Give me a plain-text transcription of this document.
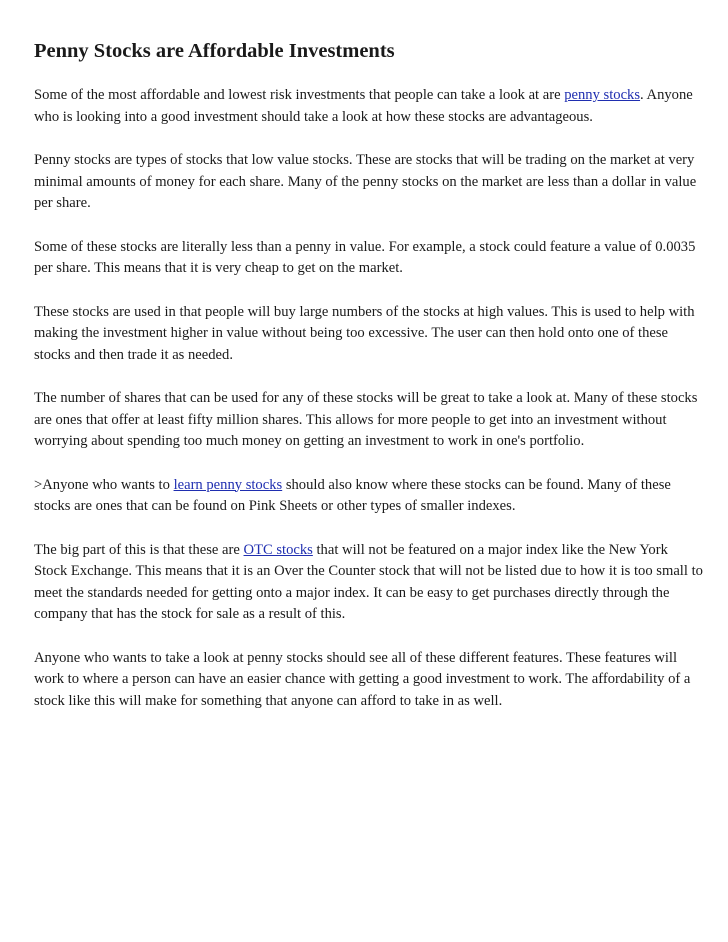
Penny Stocks are Affordable Investments

Some of the most affordable and lowest risk investments that people can take a look at are penny stocks. Anyone
who is looking into a good investment should take a look at how these stocks are advantageous.

Penny stocks are types of stocks that low value stocks. These are stocks that will be trading on the market at very
minimal amounts of money for each share. Many of the penny stocks on the market are less than a dollar in value
per share.

Some of these stocks are literally less than a penny in value. For example, a stock could feature a value of 0.0035
per share. This means that it is very cheap to get on the market.

These stocks are used in that people will buy large numbers of the stocks at high values. This is used to help with
making the investment higher in value without being too excessive. The user can then hold onto one of these
stocks and then trade it as needed.

The number of shares that can be used for any of these stocks will be great to take a look at. Many of these stocks
are ones that offer at least fifty million shares. This allows for more people to get into an investment without
worrying about spending too much money on getting an investment to work in one's portfolio.

>Anyone who wants to learn penny stocks should also know where these stocks can be found. Many of these
stocks are ones that can be found on Pink Sheets or other types of smaller indexes.

The big part of this is that these are OTC stocks that will not be featured on a major index like the New York
Stock Exchange. This means that it is an Over the Counter stock that will not be listed due to how it is too small to
meet the standards needed for getting onto a major index. It can be easy to get purchases directly through the
company that has the stock for sale as a result of this.

Anyone who wants to take a look at penny stocks should see all of these different features. These features will
work to where a person can have an easier chance with getting a good investment to work. The affordability of a
stock like this will make for something that anyone can afford to take in as well.
